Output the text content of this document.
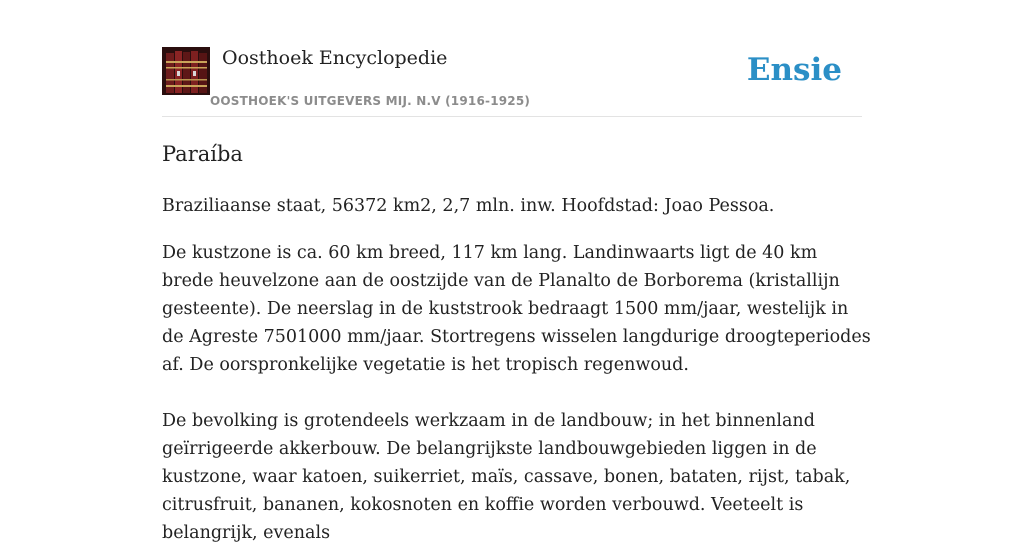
Oosthoek Encyclopedie
OOSTHOEK'S UITGEVERS MIJ. N.V (1916-1925)
Ensie
Paraíba

Braziliaanse staat, 56372 km2, 2,7 mln. inw. Hoofdstad: Joao Pessoa.

De kustzone is ca. 60 km breed, 117 km lang. Landinwaarts ligt de 40 km brede heuvelzone aan de oostzijde van de Planalto de Borborema (kristallijn gesteente). De neerslag in de kuststrook bedraagt 1500 mm/jaar, westelijk in de Agreste 7501000 mm/jaar. Stortregens wisselen langdurige droogteperiodes af. De oorspronkelijke vegetatie is het tropisch regenwoud.

De bevolking is grotendeels werkzaam in de landbouw; in het binnenland geïrrigeerde akkerbouw. De belangrijkste landbouwgebieden liggen in de kustzone, waar katoen, suikerriet, maïs, cassave, bonen, bataten, rijst, tabak, citrusfruit, bananen, kokosnoten en koffie worden verbouwd. Veeteelt is belangrijk, evenals
